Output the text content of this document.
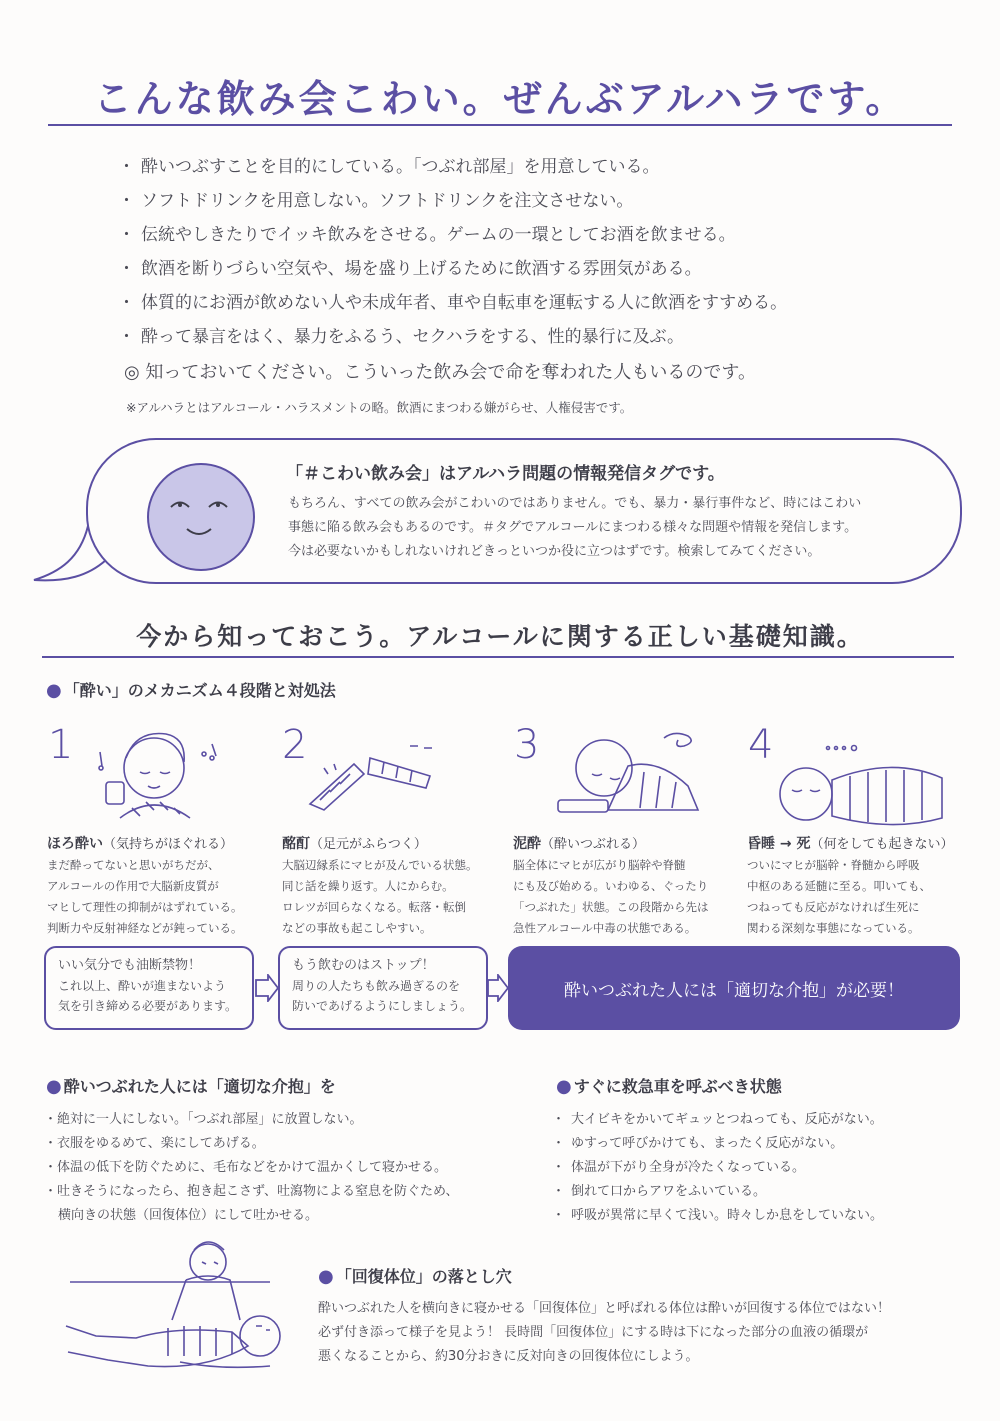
こんな飲み会こわい。ぜんぶアルハラです。
・ 酔いつぶすことを目的にしている。「つぶれ部屋」を用意している。
・ ソフトドリンクを用意しない。ソフトドリンクを注文させない。
・ 伝統やしきたりでイッキ飲みをさせる。ゲームの一環としてお酒を飲ませる。
・ 飲酒を断りづらい空気や、場を盛り上げるために飲酒する雰囲気がある。
・ 体質的にお酒が飲めない人や未成年者、車や自転車を運転する人に飲酒をすすめる。
・ 酔って暴言をはく、暴力をふるう、セクハラをする、性的暴行に及ぶ。
◎ 知っておいてください。こういった飲み会で命を奪われた人もいるのです。
※アルハラとはアルコール・ハラスメントの略。飲酒にまつわる嫌がらせ、人権侵害です。
「＃こわい飲み会」はアルハラ問題の情報発信タグです。
もちろん、すべての飲み会がこわいのではありません。でも、暴力・暴行事件など、時にはこわい
事態に陥る飲み会もあるのです。＃タグでアルコールにまつわる様々な問題や情報を発信します。
今は必要ないかもしれないけれどきっといつか役に立つはずです。検索してみてください。
今から知っておこう。アルコールに関する正しい基礎知識。
● 「酔い」のメカニズム４段階と対処法
1
ほろ酔い（気持ちがほぐれる）
まだ酔ってないと思いがちだが、
アルコールの作用で大脳新皮質が
マヒして理性の抑制がはずれている。
判断力や反射神経などが鈍っている。
2
酩酊（足元がふらつく）
大脳辺縁系にマヒが及んでいる状態。
同じ話を繰り返す。人にからむ。
ロレツが回らなくなる。転落・転倒
などの事故も起こしやすい。
3
泥酔（酔いつぶれる）
脳全体にマヒが広がり脳幹や脊髄
にも及び始める。いわゆる、ぐったり
「つぶれた」状態。この段階から先は
急性アルコール中毒の状態である。
4
昏睡 → 死（何をしても起きない）
ついにマヒが脳幹・脊髄から呼吸
中枢のある延髄に至る。叩いても、
つねっても反応がなければ生死に
関わる深刻な事態になっている。
いい気分でも油断禁物！
これ以上、酔いが進まないよう
気を引き締める必要があります。
もう飲むのはストップ！
周りの人たちも飲み過ぎるのを
防いであげるようにしましょう。
酔いつぶれた人には「適切な介抱」が必要！
● 酔いつぶれた人には「適切な介抱」を
・ 絶対に一人にしない。「つぶれ部屋」に放置しない。
・ 衣服をゆるめて、楽にしてあげる。
・ 体温の低下を防ぐために、毛布などをかけて温かくして寝かせる。
・ 吐きそうになったら、抱き起こさず、吐瀉物による窒息を防ぐため、
横向きの状態（回復体位）にして吐かせる。
● すぐに救急車を呼ぶべき状態
・ 大イビキをかいてギュッとつねっても、反応がない。
・ ゆすって呼びかけても、まったく反応がない。
・ 体温が下がり全身が冷たくなっている。
・ 倒れて口からアワをふいている。
・ 呼吸が異常に早くて浅い。時々しか息をしていない。
● 「回復体位」の落とし穴
酔いつぶれた人を横向きに寝かせる「回復体位」と呼ばれる体位は酔いが回復する体位ではない！
必ず付き添って様子を見よう！ 長時間「回復体位」にする時は下になった部分の血液の循環が
悪くなることから、約30分おきに反対向きの回復体位にしよう。
